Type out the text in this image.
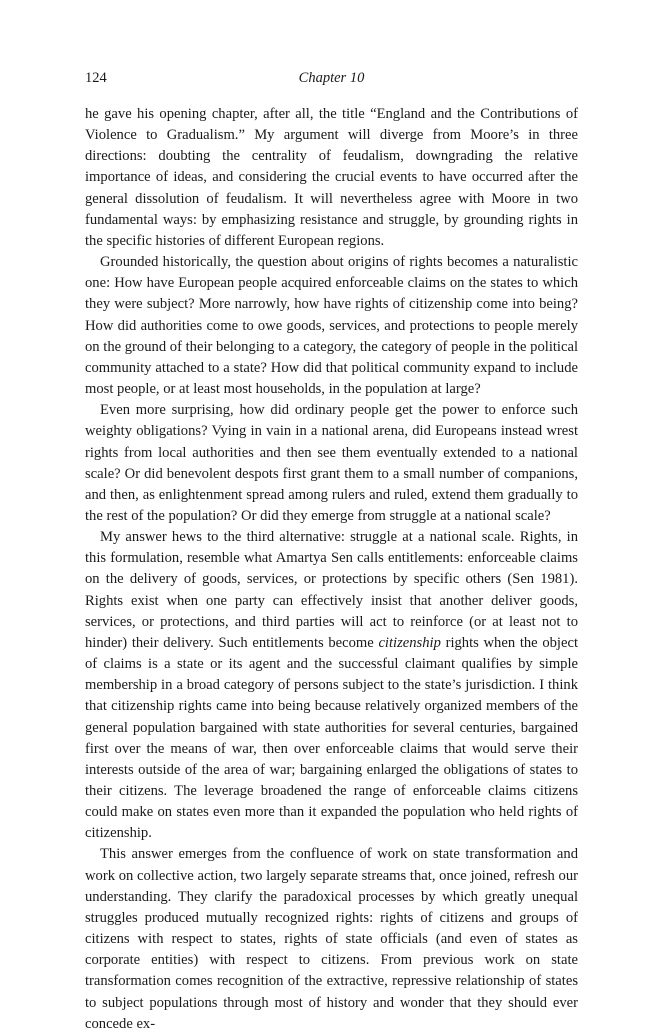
124	Chapter 10

he gave his opening chapter, after all, the title “England and the Contributions of Violence to Gradualism.” My argument will diverge from Moore’s in three directions: doubting the centrality of feudalism, downgrading the relative importance of ideas, and considering the crucial events to have occurred after the general dissolution of feudalism. It will nevertheless agree with Moore in two fundamental ways: by emphasizing resistance and struggle, by grounding rights in the specific histories of different European regions.

Grounded historically, the question about origins of rights becomes a naturalistic one: How have European people acquired enforceable claims on the states to which they were subject? More narrowly, how have rights of citizenship come into being? How did authorities come to owe goods, services, and protections to people merely on the ground of their belonging to a category, the category of people in the political community attached to a state? How did that political community expand to include most people, or at least most households, in the population at large?

Even more surprising, how did ordinary people get the power to enforce such weighty obligations? Vying in vain in a national arena, did Europeans instead wrest rights from local authorities and then see them eventually extended to a national scale? Or did benevolent despots first grant them to a small number of companions, and then, as enlightenment spread among rulers and ruled, extend them gradually to the rest of the population? Or did they emerge from struggle at a national scale?

My answer hews to the third alternative: struggle at a national scale. Rights, in this formulation, resemble what Amartya Sen calls entitlements: enforceable claims on the delivery of goods, services, or protections by specific others (Sen 1981). Rights exist when one party can effectively insist that another deliver goods, services, or protections, and third parties will act to reinforce (or at least not to hinder) their delivery. Such entitlements become citizenship rights when the object of claims is a state or its agent and the successful claimant qualifies by simple membership in a broad category of persons subject to the state’s jurisdiction. I think that citizenship rights came into being because relatively organized members of the general population bargained with state authorities for several centuries, bargained first over the means of war, then over enforceable claims that would serve their interests outside of the area of war; bargaining enlarged the obligations of states to their citizens. The leverage broadened the range of enforceable claims citizens could make on states even more than it expanded the population who held rights of citizenship.

This answer emerges from the confluence of work on state transformation and work on collective action, two largely separate streams that, once joined, refresh our understanding. They clarify the paradoxical processes by which greatly unequal struggles produced mutually recognized rights: rights of citizens and groups of citizens with respect to states, rights of state officials (and even of states as corporate entities) with respect to citizens. From previous work on state transformation comes recognition of the extractive, repressive relationship of states to subject populations through most of history and wonder that they should ever concede ex-
